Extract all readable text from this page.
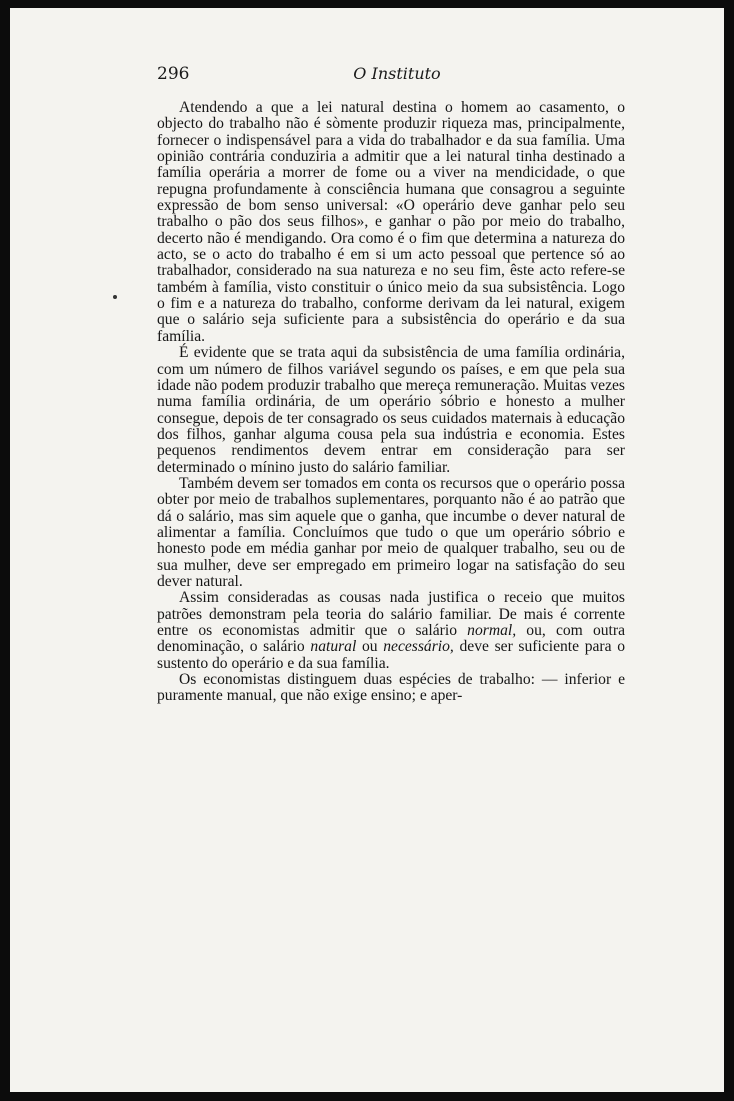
296	O Instituto

Atendendo a que a lei natural destina o homem ao casamento, o objecto do trabalho não é sòmente produzir riqueza mas, principalmente, fornecer o indispensável para a vida do trabalhador e da sua família. Uma opinião contrária conduziria a admitir que a lei natural tinha destinado a família operária a morrer de fome ou a viver na mendicidade, o que repugna profundamente à consciência humana que consagrou a seguinte expressão de bom senso universal: «O operário deve ganhar pelo seu trabalho o pão dos seus filhos», e ganhar o pão por meio do trabalho, decerto não é mendigando. Ora como é o fim que determina a natureza do acto, se o acto do trabalho é em si um acto pessoal que pertence só ao trabalhador, considerado na sua natureza e no seu fim, êste acto refere-se também à família, visto constituir o único meio da sua subsistência. Logo o fim e a natureza do trabalho, conforme derivam da lei natural, exigem que o salário seja suficiente para a subsistência do operário e da sua família.

É evidente que se trata aqui da subsistência de uma família ordinária, com um número de filhos variável segundo os países, e em que pela sua idade não podem produzir trabalho que mereça remuneração. Muitas vezes numa família ordinária, de um operário sóbrio e honesto a mulher consegue, depois de ter consagrado os seus cuidados maternais à educação dos filhos, ganhar alguma cousa pela sua indústria e economia. Estes pequenos rendimentos devem entrar em consideração para ser determinado o mínino justo do salário familiar.

Também devem ser tomados em conta os recursos que o operário possa obter por meio de trabalhos suplementares, porquanto não é ao patrão que dá o salário, mas sim aquele que o ganha, que incumbe o dever natural de alimentar a família. Concluímos que tudo o que um operário sóbrio e honesto pode em média ganhar por meio de qualquer trabalho, seu ou de sua mulher, deve ser empregado em primeiro logar na satisfação do seu dever natural.

Assim consideradas as cousas nada justifica o receio que muitos patrões demonstram pela teoria do salário familiar. De mais é corrente entre os economistas admitir que o salário normal, ou, com outra denominação, o salário natural ou necessário, deve ser suficiente para o sustento do operário e da sua família.

Os economistas distinguem duas espécies de trabalho: — inferior e puramente manual, que não exige ensino; e aper-
